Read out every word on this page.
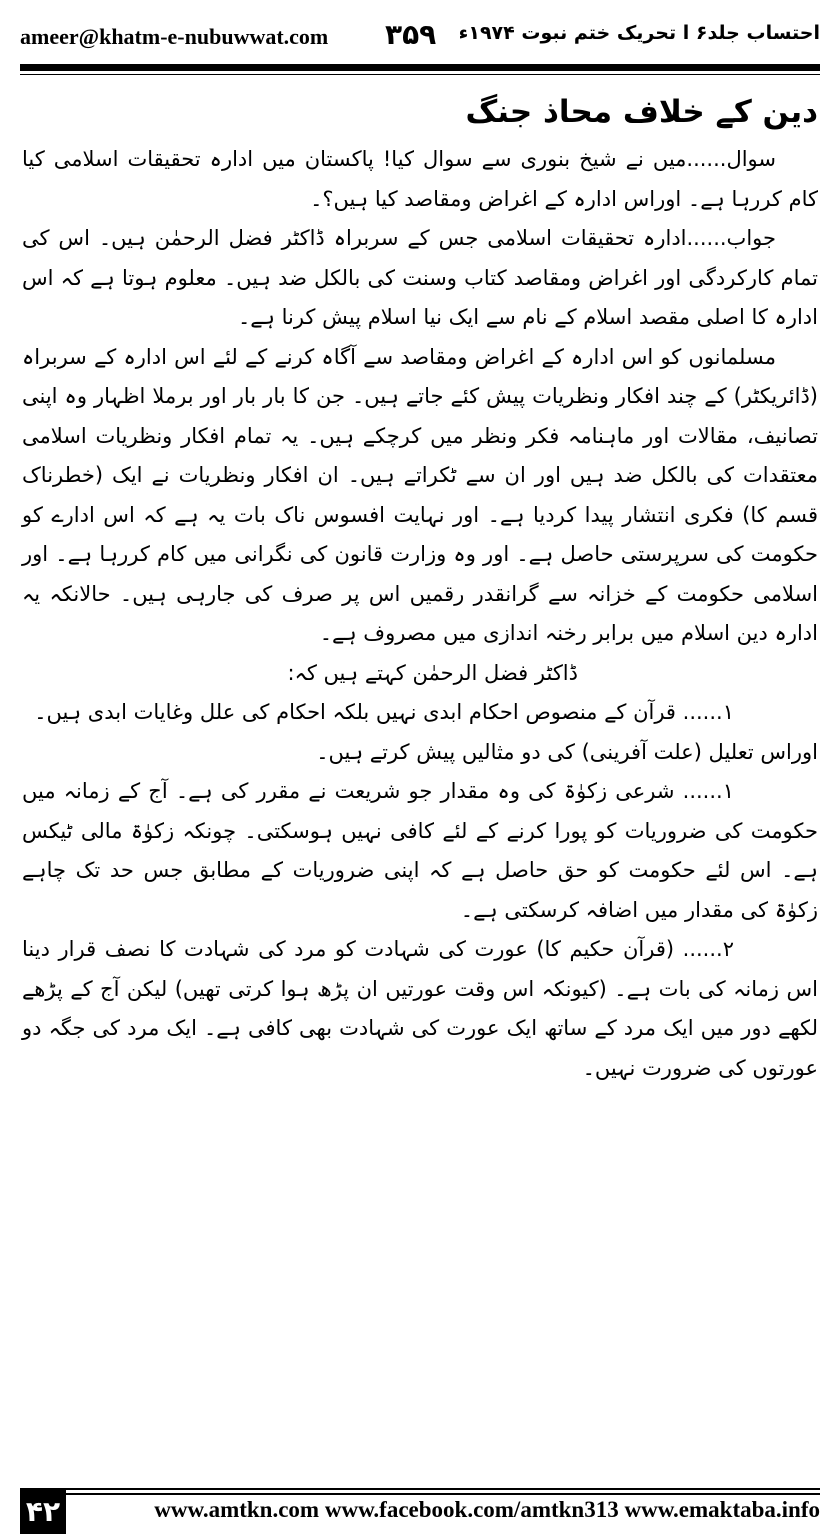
ameer@khatm-e-nubuwwat.com ۳۵۹ احتساب جلد۶ ا تحریک ختم نبوت ۱۹۷۴ء
دین کے خلاف محاذ جنگ

سوال......میں نے شیخ بنوری سے سوال کیا! پاکستان میں ادارہ تحقیقات اسلامی کیا کام کررہا ہے۔ اوراس ادارہ کے اغراض ومقاصد کیا ہیں؟۔

جواب......ادارہ تحقیقات اسلامی جس کے سربراہ ڈاکٹر فضل الرحمٰن ہیں۔ اس کی تمام کارکردگی اور اغراض ومقاصد کتاب وسنت کی بالکل ضد ہیں۔ معلوم ہوتا ہے کہ اس ادارہ کا اصلی مقصد اسلام کے نام سے ایک نیا اسلام پیش کرنا ہے۔

مسلمانوں کو اس ادارہ کے اغراض ومقاصد سے آگاہ کرنے کے لئے اس ادارہ کے سربراہ (ڈائریکٹر) کے چند افکار ونظریات پیش کئے جاتے ہیں۔ جن کا بار بار اور برملا اظہار وہ اپنی تصانیف، مقالات اور ماہنامہ فکر ونظر میں کرچکے ہیں۔ یہ تمام افکار ونظریات اسلامی معتقدات کی بالکل ضد ہیں اور ان سے ٹکراتے ہیں۔ ان افکار ونظریات نے ایک (خطرناک قسم کا) فکری انتشار پیدا کردیا ہے۔ اور نہایت افسوس ناک بات یہ ہے کہ اس ادارے کو حکومت کی سرپرستی حاصل ہے۔ اور وہ وزارت قانون کی نگرانی میں کام کررہا ہے۔ اور اسلامی حکومت کے خزانہ سے گرانقدر رقمیں اس پر صرف کی جارہی ہیں۔ حالانکہ یہ ادارہ دین اسلام میں برابر رخنہ اندازی میں مصروف ہے۔

ڈاکٹر فضل الرحمٰن کہتے ہیں کہ:

۱...... قرآن کے منصوص احکام ابدی نہیں بلکہ احکام کی علل وغایات ابدی ہیں۔

اوراس تعلیل (علت آفرینی) کی دو مثالیں پیش کرتے ہیں۔

۱...... شرعی زکوٰۃ کی وہ مقدار جو شریعت نے مقرر کی ہے۔ آج کے زمانہ میں حکومت کی ضروریات کو پورا کرنے کے لئے کافی نہیں ہوسکتی۔ چونکہ زکوٰۃ مالی ٹیکس ہے۔ اس لئے حکومت کو حق حاصل ہے کہ اپنی ضروریات کے مطابق جس حد تک چاہے زکوٰۃ کی مقدار میں اضافہ کرسکتی ہے۔

۲...... (قرآن حکیم کا) عورت کی شہادت کو مرد کی شہادت کا نصف قرار دینا اس زمانہ کی بات ہے۔ (کیونکہ اس وقت عورتیں ان پڑھ ہوا کرتی تھیں) لیکن آج کے پڑھے لکھے دور میں ایک مرد کے ساتھ ایک عورت کی شہادت بھی کافی ہے۔ ایک مرد کی جگہ دو عورتوں کی ضرورت نہیں۔

۴۲	www.amtkn.com www.facebook.com/amtkn313 www.emaktaba.info
